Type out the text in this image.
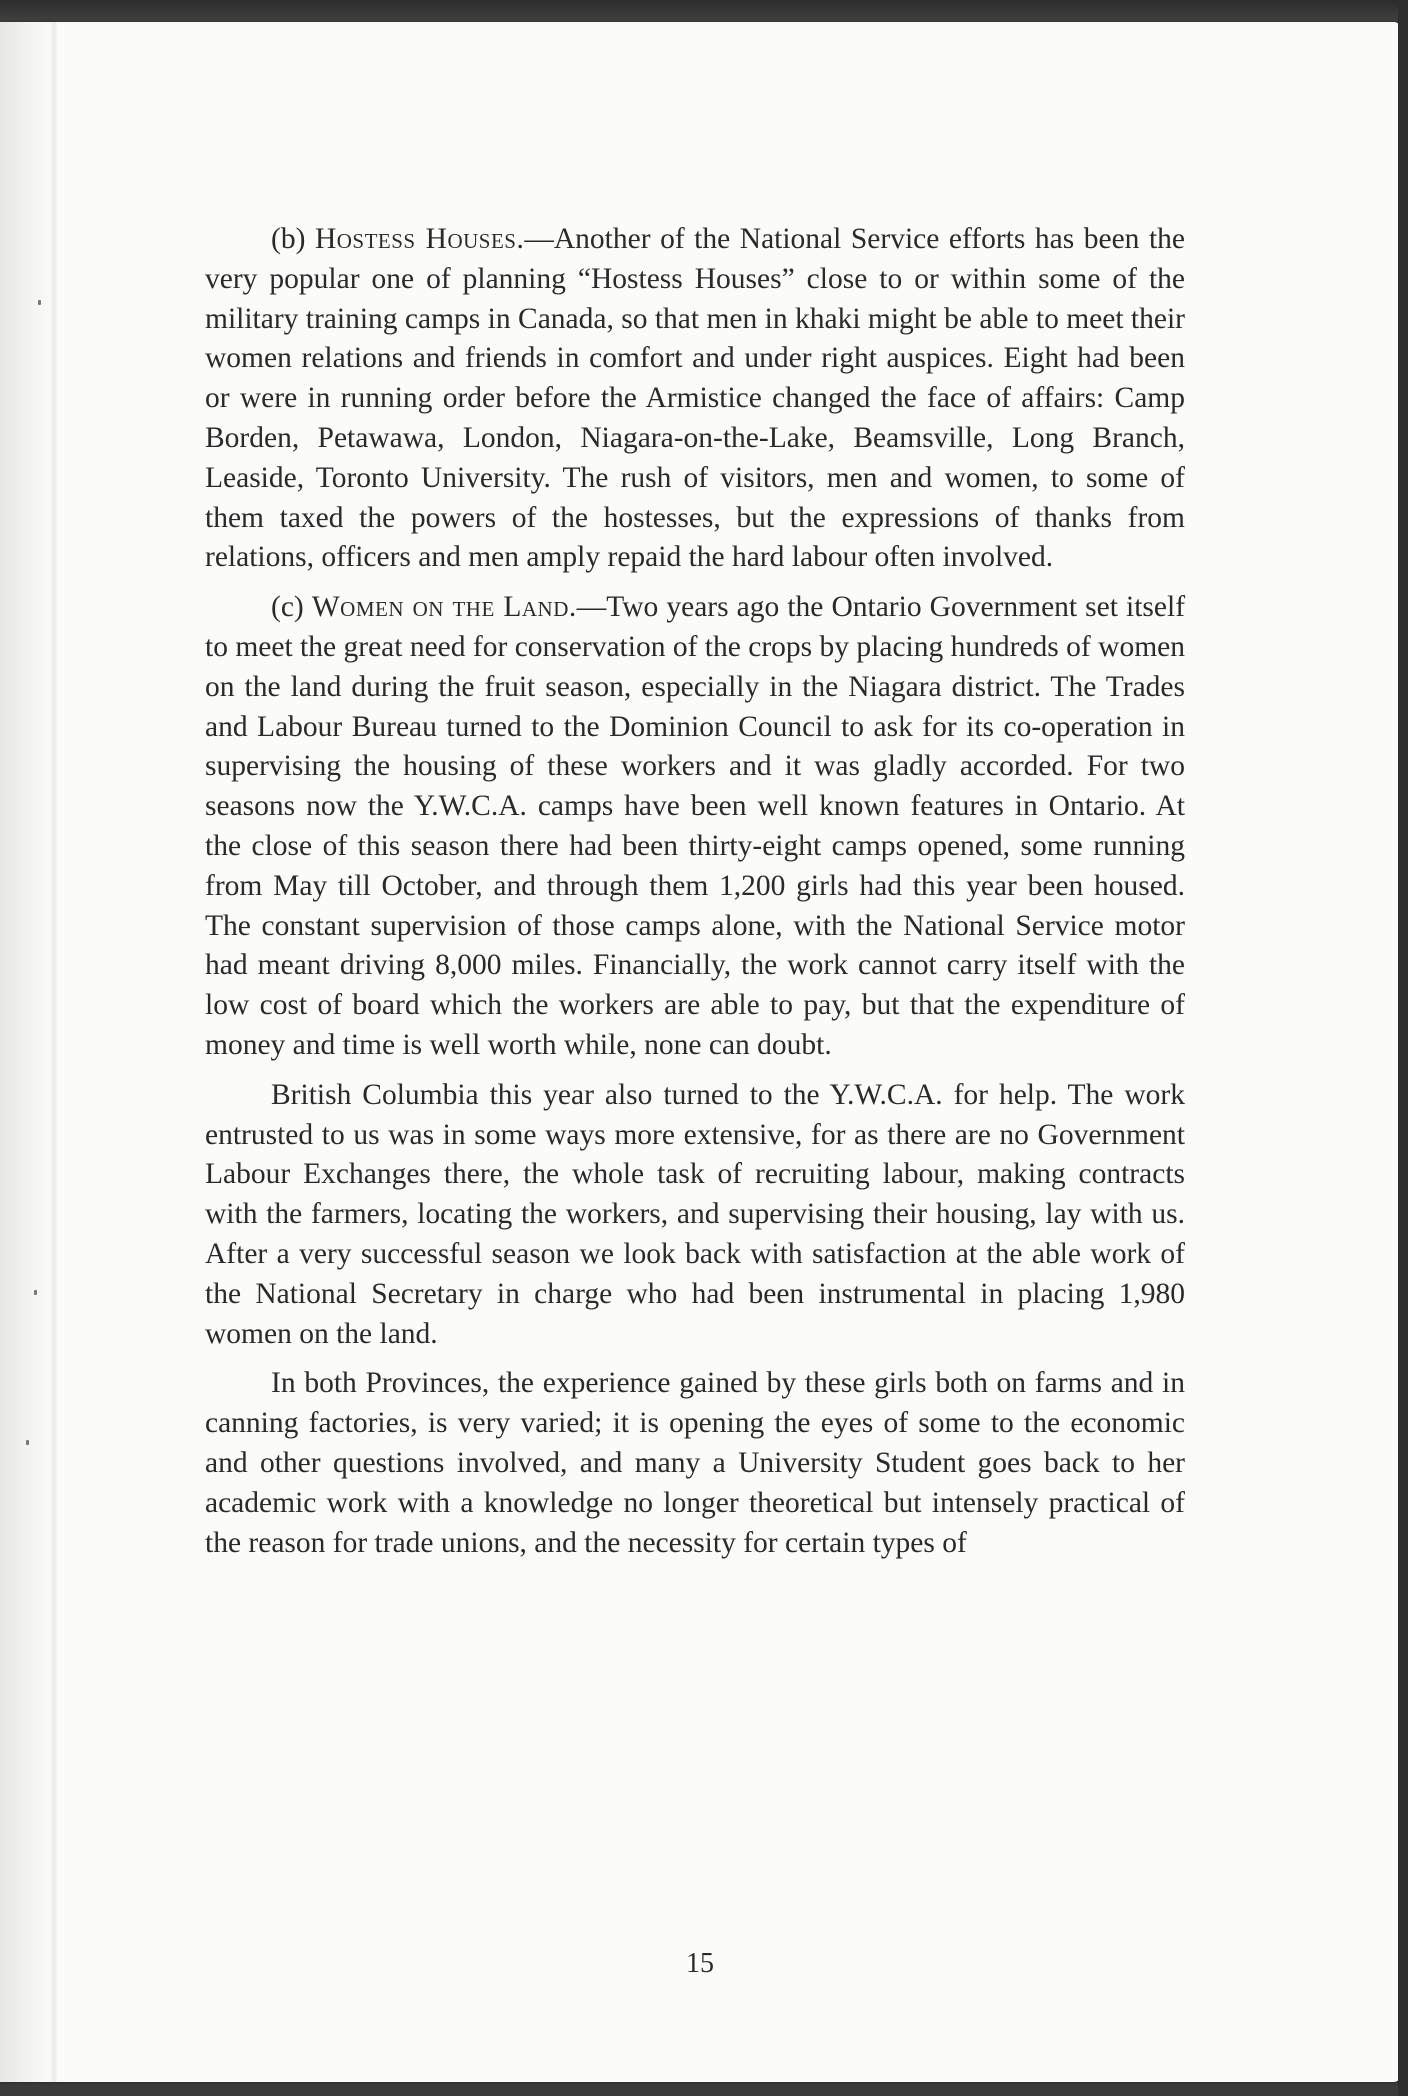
(b) Hostess Houses.—Another of the National Service efforts has been the very popular one of planning “Hostess Houses” close to or within some of the military training camps in Canada, so that men in khaki might be able to meet their women relations and friends in comfort and under right auspices. Eight had been or were in running order before the Armistice changed the face of affairs: Camp Borden, Petawawa, London, Niagara-on-the-Lake, Beamsville, Long Branch, Leaside, Toronto University. The rush of visitors, men and women, to some of them taxed the powers of the hostesses, but the expressions of thanks from relations, officers and men amply repaid the hard labour often involved.

(c) Women on the Land.—Two years ago the Ontario Government set itself to meet the great need for conservation of the crops by placing hundreds of women on the land during the fruit season, especially in the Niagara district. The Trades and Labour Bureau turned to the Dominion Council to ask for its co-operation in supervising the housing of these workers and it was gladly accorded. For two seasons now the Y.W.C.A. camps have been well known features in Ontario. At the close of this season there had been thirty-eight camps opened, some running from May till October, and through them 1,200 girls had this year been housed. The constant supervision of those camps alone, with the National Service motor had meant driving 8,000 miles. Financially, the work cannot carry itself with the low cost of board which the workers are able to pay, but that the expenditure of money and time is well worth while, none can doubt.

British Columbia this year also turned to the Y.W.C.A. for help. The work entrusted to us was in some ways more extensive, for as there are no Government Labour Exchanges there, the whole task of recruiting labour, making contracts with the farmers, locating the workers, and supervising their housing, lay with us. After a very successful season we look back with satisfaction at the able work of the National Secretary in charge who had been instrumental in placing 1,980 women on the land.

In both Provinces, the experience gained by these girls both on farms and in canning factories, is very varied; it is opening the eyes of some to the economic and other questions involved, and many a University Student goes back to her academic work with a knowledge no longer theoretical but intensely practical of the reason for trade unions, and the necessity for certain types of

15
